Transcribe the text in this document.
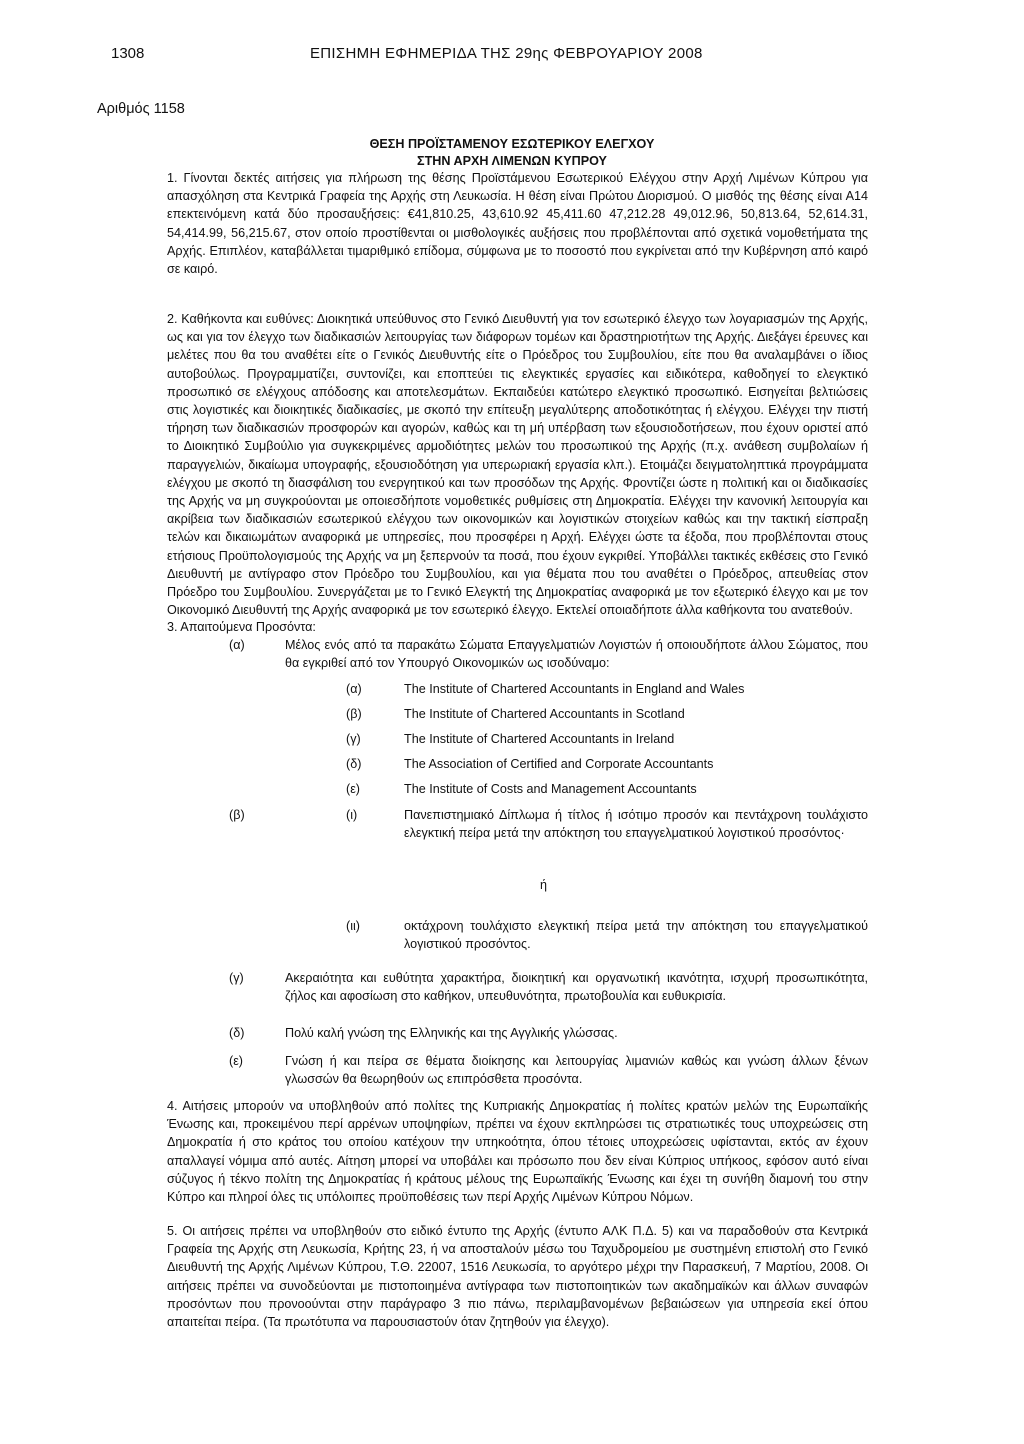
1308	ΕΠΙΣΗΜΗ ΕΦΗΜΕΡΙΔΑ ΤΗΣ 29ης ΦΕΒΡΟΥΑΡΙΟΥ 2008
Αριθμός 1158
ΘΕΣΗ ΠΡΟΪΣΤΑΜΕΝΟΥ ΕΣΩΤΕΡΙΚΟΥ ΕΛΕΓΧΟΥ
ΣΤΗΝ ΑΡΧΗ ΛΙΜΕΝΩΝ ΚΥΠΡΟΥ
1. Γίνονται δεκτές αιτήσεις για πλήρωση της θέσης Προϊστάμενου Εσωτερικού Ελέγχου στην Αρχή Λιμένων Κύπρου για απασχόληση στα Κεντρικά Γραφεία της Αρχής στη Λευκωσία. Η θέση είναι Πρώτου Διορισμού. Ο μισθός της θέσης είναι Α14 επεκτεινόμενη κατά δύο προσαυξήσεις: €41,810.25, 43,610.92 45,411.60 47,212.28 49,012.96, 50,813.64, 52,614.31, 54,414.99, 56,215.67, στον οποίο προστίθενται οι μισθολογικές αυξήσεις που προβλέπονται από σχετικά νομοθετήματα της Αρχής. Επιπλέον, καταβάλλεται τιμαριθμικό επίδομα, σύμφωνα με το ποσοστό που εγκρίνεται από την Κυβέρνηση από καιρό σε καιρό.
2. Καθήκοντα και ευθύνες: Διοικητικά υπεύθυνος στο Γενικό Διευθυντή για τον εσωτερικό έλεγχο των λογαριασμών της Αρχής, ως και για τον έλεγχο των διαδικασιών λειτουργίας των διάφορων τομέων και δραστηριοτήτων της Αρχής. Διεξάγει έρευνες και μελέτες που θα του αναθέτει είτε ο Γενικός Διευθυντής είτε ο Πρόεδρος του Συμβουλίου, είτε που θα αναλαμβάνει ο ίδιος αυτοβούλως. Προγραμματίζει, συντονίζει, και εποπτεύει τις ελεγκτικές εργασίες και ειδικότερα, καθοδηγεί το ελεγκτικό προσωπικό σε ελέγχους απόδοσης και αποτελεσμάτων. Εκπαιδεύει κατώτερο ελεγκτικό προσωπικό. Εισηγείται βελτιώσεις στις λογιστικές και διοικητικές διαδικασίες, με σκοπό την επίτευξη μεγαλύτερης αποδοτικότητας ή ελέγχου. Ελέγχει την πιστή τήρηση των διαδικασιών προσφορών και αγορών, καθώς και τη μή υπέρβαση των εξουσιοδοτήσεων, που έχουν οριστεί από το Διοικητικό Συμβούλιο για συγκεκριμένες αρμοδιότητες μελών του προσωπικού της Αρχής (π.χ. ανάθεση συμβολαίων ή παραγγελιών, δικαίωμα υπογραφής, εξουσιοδότηση για υπερωριακή εργασία κλπ.). Ετοιμάζει δειγματοληπτικά προγράμματα ελέγχου με σκοπό τη διασφάλιση του ενεργητικού και των προσόδων της Αρχής. Φροντίζει ώστε η πολιτική και οι διαδικασίες της Αρχής να μη συγκρούονται με οποιεσδήποτε νομοθετικές ρυθμίσεις στη Δημοκρατία. Ελέγχει την κανονική λειτουργία και ακρίβεια των διαδικασιών εσωτερικού ελέγχου των οικονομικών και λογιστικών στοιχείων καθώς και την τακτική είσπραξη τελών και δικαιωμάτων αναφορικά με υπηρεσίες, που προσφέρει η Αρχή. Ελέγχει ώστε τα έξοδα, που προβλέπονται στους ετήσιους Προϋπολογισμούς της Αρχής να μη ξεπερνούν τα ποσά, που έχουν εγκριθεί. Υποβάλλει τακτικές εκθέσεις στο Γενικό Διευθυντή με αντίγραφο στον Πρόεδρο του Συμβουλίου, και για θέματα που του αναθέτει ο Πρόεδρος, απευθείας στον Πρόεδρο του Συμβουλίου. Συνεργάζεται με το Γενικό Ελεγκτή της Δημοκρατίας αναφορικά με τον εξωτερικό έλεγχο και με τον Οικονομικό Διευθυντή της Αρχής αναφορικά με τον εσωτερικό έλεγχο. Εκτελεί οποιαδήποτε άλλα καθήκοντα του ανατεθούν.
3. Απαιτούμενα Προσόντα:
(α)	Μέλος ενός από τα παρακάτω Σώματα Επαγγελματιών Λογιστών ή οποιουδήποτε άλλου Σώματος, που θα εγκριθεί από τον Υπουργό Οικονομικών ως ισοδύναμο:
(α)	The Institute of Chartered Accountants in England and Wales
(β)	The Institute of Chartered Accountants in Scotland
(γ)	The Institute of Chartered Accountants in Ireland
(δ)	The Association of Certified and Corporate Accountants
(ε)	The Institute of Costs and Management Accountants
(β)	(ι)	Πανεπιστημιακό Δίπλωμα ή τίτλος ή ισότιμο προσόν και πεντάχρονη τουλάχιστο ελεγκτική πείρα μετά την απόκτηση του επαγγελματικού λογιστικού προσόντος·
ή
(ιι)	οκτάχρονη τουλάχιστο ελεγκτική πείρα μετά την απόκτηση του επαγγελματικού λογιστικού προσόντος.
(γ)	Ακεραιότητα και ευθύτητα χαρακτήρα, διοικητική και οργανωτική ικανότητα, ισχυρή προσωπικότητα, ζήλος και αφοσίωση στο καθήκον, υπευθυνότητα, πρωτοβουλία και ευθυκρισία.
(δ)	Πολύ καλή γνώση της Ελληνικής και της Αγγλικής γλώσσας.
(ε)	Γνώση ή και πείρα σε θέματα διοίκησης και λειτουργίας λιμανιών καθώς και γνώση άλλων ξένων γλωσσών θα θεωρηθούν ως επιπρόσθετα προσόντα.
4. Αιτήσεις μπορούν να υποβληθούν από πολίτες της Κυπριακής Δημοκρατίας ή πολίτες κρατών μελών της Ευρωπαϊκής Ένωσης και, προκειμένου περί αρρένων υποψηφίων, πρέπει να έχουν εκπληρώσει τις στρατιωτικές τους υποχρεώσεις στη Δημοκρατία ή στο κράτος του οποίου κατέχουν την υπηκοότητα, όπου τέτοιες υποχρεώσεις υφίστανται, εκτός αν έχουν απαλλαγεί νόμιμα από αυτές. Αίτηση μπορεί να υποβάλει και πρόσωπο που δεν είναι Κύπριος υπήκοος, εφόσον αυτό είναι σύζυγος ή τέκνο πολίτη της Δημοκρατίας ή κράτους μέλους της Ευρωπαϊκής Ένωσης και έχει τη συνήθη διαμονή του στην Κύπρο και πληροί όλες τις υπόλοιπες προϋποθέσεις των περί Αρχής Λιμένων Κύπρου Νόμων.
5. Οι αιτήσεις πρέπει να υποβληθούν στο ειδικό έντυπο της Αρχής (έντυπο ΑΛΚ Π.Δ. 5) και να παραδοθούν στα Κεντρικά Γραφεία της Αρχής στη Λευκωσία, Κρήτης 23, ή να αποσταλούν μέσω του Ταχυδρομείου με συστημένη επιστολή στο Γενικό Διευθυντή της Αρχής Λιμένων Κύπρου, Τ.Θ. 22007, 1516 Λευκωσία, το αργότερο μέχρι την Παρασκευή, 7 Μαρτίου, 2008. Οι αιτήσεις πρέπει να συνοδεύονται με πιστοποιημένα αντίγραφα των πιστοποιητικών των ακαδημαϊκών και άλλων συναφών προσόντων που προνοούνται στην παράγραφο 3 πιο πάνω, περιλαμβανομένων βεβαιώσεων για υπηρεσία εκεί όπου απαιτείται πείρα. (Τα πρωτότυπα να παρουσιαστούν όταν ζητηθούν για έλεγχο).
